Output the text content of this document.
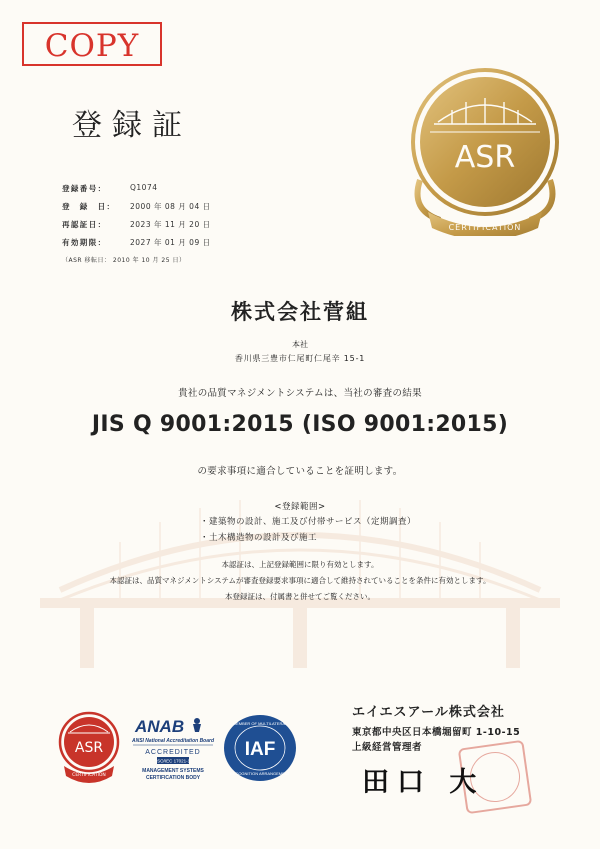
COPY
登録証
ASR
CERTIFICATION
登録番号：	Q1074
登　録　日：	2000 年 08 月 04 日
再認証日：	2023 年 11 月 20 日
有効期限：	2027 年 01 月 09 日
（ASR 移転日： 2010 年 10 月 25 日）
株式会社菅組
本社
香川県三豊市仁尾町仁尾辛 15-1
貴社の品質マネジメントシステムは、当社の審査の結果
JIS Q 9001:2015 (ISO 9001:2015)
の要求事項に適合していることを証明します。
<登録範囲>
・建築物の設計、施工及び付帯サービス（定期調査）
・土木構造物の設計及び施工
本認証は、上記登録範囲に限り有効とします。
本認証は、品質マネジメントシステムが審査登録要求事項に適合して維持されていることを条件に有効とします。
本登録証は、付属書と併せてご覧ください。
ASR
CERTIFICATION
ANAB
ANSI National Accreditation Board
ACCREDITED
ISO/IEC 17021-1
MANAGEMENT SYSTEMS
CERTIFICATION BODY
MEMBER OF MULTILATERAL
RECOGNITION ARRANGEMENT
IAF
エイエスアール株式会社
東京都中央区日本橋堀留町 1-10-15
上級経営管理者
田口 大
